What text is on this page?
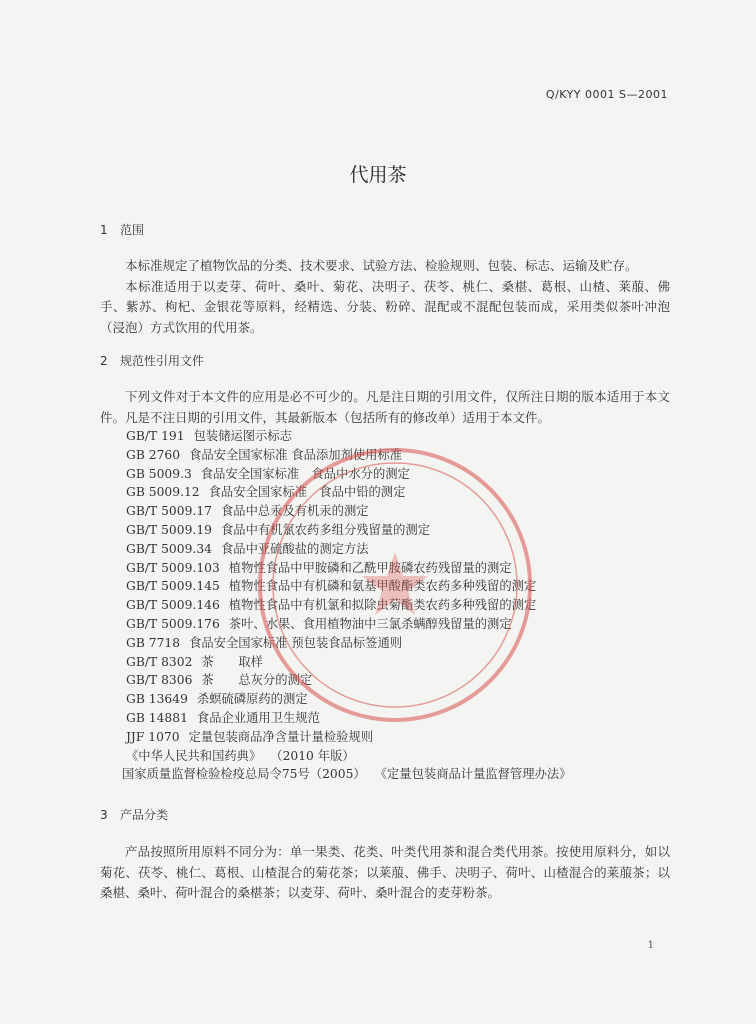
Q/KYY 0001 S—2001
代用茶
1 范围

本标准规定了植物饮品的分类、技术要求、试验方法、检验规则、包装、标志、运输及贮存。

本标准适用于以麦芽、荷叶、桑叶、菊花、决明子、茯苓、桃仁、桑椹、葛根、山楂、莱菔、佛手、紫苏、枸杞、金银花等原料，经精选、分装、粉碎、混配或不混配包装而成，采用类似茶叶冲泡（浸泡）方式饮用的代用茶。

2 规范性引用文件

下列文件对于本文件的应用是必不可少的。凡是注日期的引用文件，仅所注日期的版本适用于本文件。凡是不注日期的引用文件，其最新版本（包括所有的修改单）适用于本文件。

GB/T 191 包装储运图示标志
GB 2760 食品安全国家标准 食品添加剂使用标准
GB 5009.3 食品安全国家标准　食品中水分的测定
GB 5009.12 食品安全国家标准　食品中铅的测定
GB/T 5009.17 食品中总汞及有机汞的测定
GB/T 5009.19 食品中有机氯农药多组分残留量的测定
GB/T 5009.34 食品中亚硫酸盐的测定方法
GB/T 5009.103 植物性食品中甲胺磷和乙酰甲胺磷农药残留量的测定
GB/T 5009.145 植物性食品中有机磷和氨基甲酸酯类农药多种残留的测定
GB/T 5009.146 植物性食品中有机氯和拟除虫菊酯类农药多种残留的测定
GB/T 5009.176 茶叶、水果、食用植物油中三氯杀螨醇残留量的测定
GB 7718 食品安全国家标准 预包装食品标签通则
GB/T 8302 茶　　取样
GB/T 8306 茶　　总灰分的测定
GB 13649 杀螟硫磷原药的测定
GB 14881 食品企业通用卫生规范
JJF 1070 定量包装商品净含量计量检验规则
《中华人民共和国药典》 （2010 年版）
国家质量监督检验检疫总局令75号（2005） 《定量包装商品计量监督管理办法》
3 产品分类

产品按照所用原料不同分为：单一果类、花类、叶类代用茶和混合类代用茶。按使用原料分，如以菊花、茯苓、桃仁、葛根、山楂混合的菊花茶；以莱菔、佛手、决明子、荷叶、山楂混合的莱菔茶；以桑椹、桑叶、荷叶混合的桑椹茶；以麦芽、荷叶、桑叶混合的麦芽粉茶。

1
